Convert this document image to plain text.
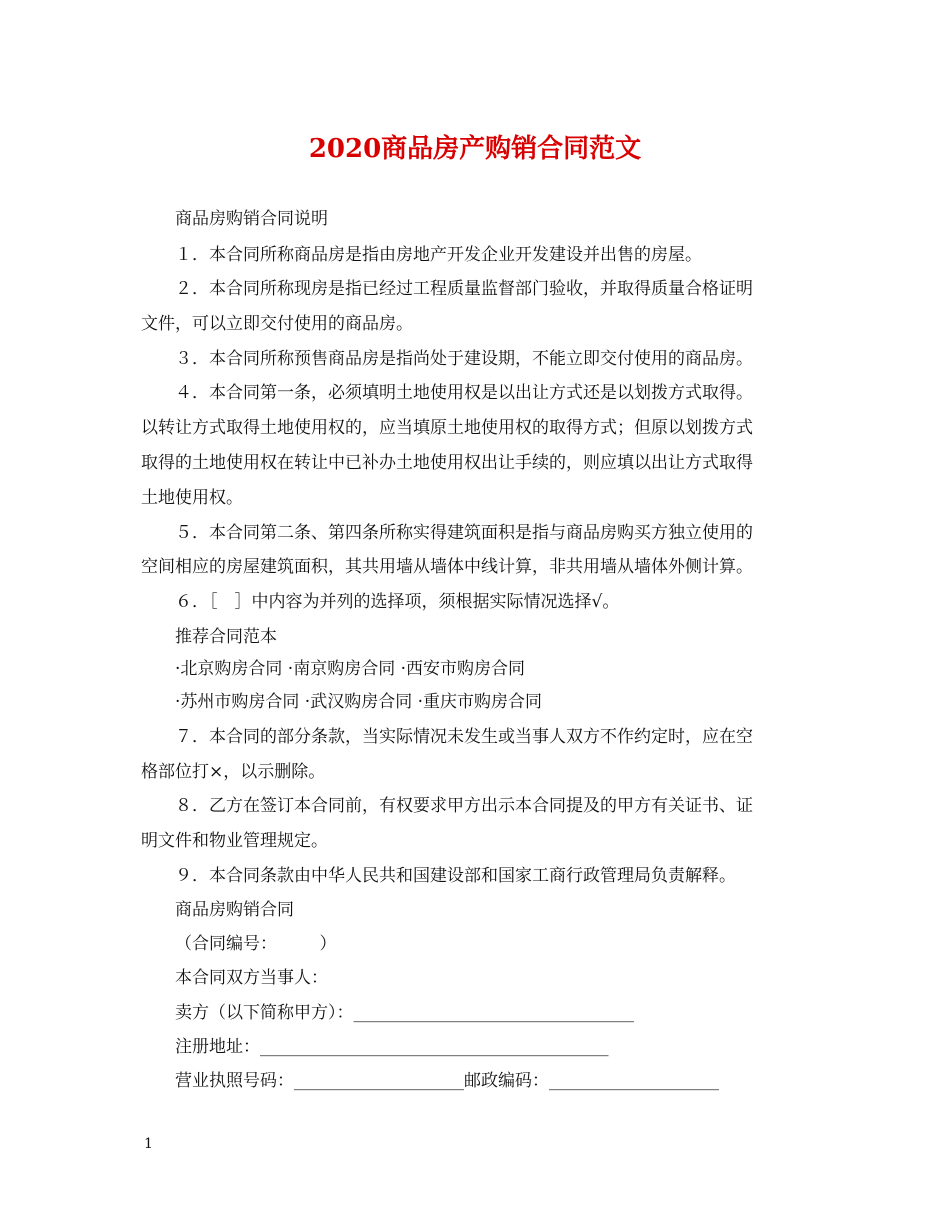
2020商品房产购销合同范文
商品房购销合同说明
１．本合同所称商品房是指由房地产开发企业开发建设并出售的房屋。
２．本合同所称现房是指已经过工程质量监督部门验收，并取得质量合格证明
文件，可以立即交付使用的商品房。
３．本合同所称预售商品房是指尚处于建设期，不能立即交付使用的商品房。
４．本合同第一条，必须填明土地使用权是以出让方式还是以划拨方式取得。
以转让方式取得土地使用权的，应当填原土地使用权的取得方式；但原以划拨方式
取得的土地使用权在转让中已补办土地使用权出让手续的，则应填以出让方式取得
土地使用权。
５．本合同第二条、第四条所称实得建筑面积是指与商品房购买方独立使用的
空间相应的房屋建筑面积，其共用墙从墙体中线计算，非共用墙从墙体外侧计算。
６．［　］中内容为并列的选择项，须根据实际情况选择√。
推荐合同范本
·北京购房合同 ·南京购房合同 ·西安市购房合同
·苏州市购房合同 ·武汉购房合同 ·重庆市购房合同
７．本合同的部分条款，当实际情况未发生或当事人双方不作约定时，应在空
格部位打×，以示删除。
８．乙方在签订本合同前，有权要求甲方出示本合同提及的甲方有关证书、证
明文件和物业管理规定。
９．本合同条款由中华人民共和国建设部和国家工商行政管理局负责解释。
商品房购销合同
（合同编号：　　　）
本合同双方当事人：
卖方（以下简称甲方）：_________________________________
注册地址：_________________________________________
营业执照号码：____________________邮政编码：____________________
1
